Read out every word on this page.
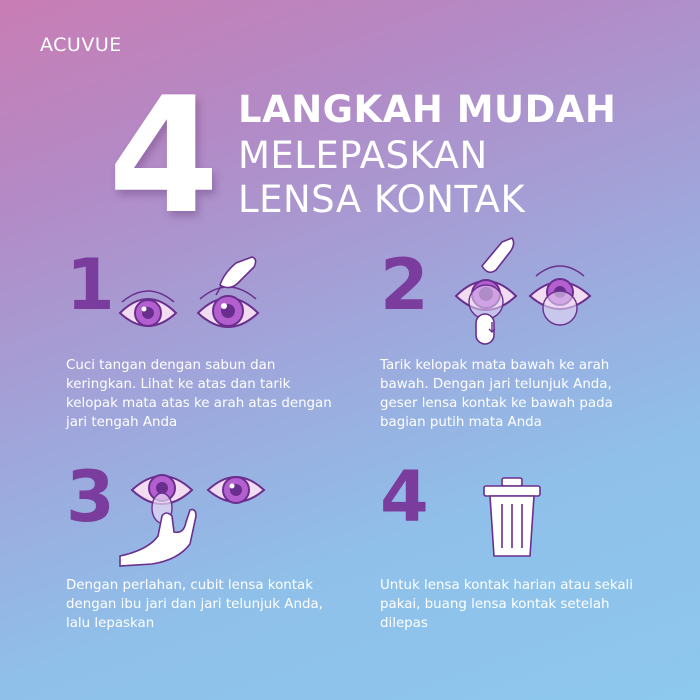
ACUVUE
4 LANGKAH MUDAH
MELEPASKAN
LENSA KONTAK
1
Cuci tangan dengan sabun dan keringkan. Lihat ke atas dan tarik kelopak mata atas ke arah atas dengan jari tengah Anda
2
Tarik kelopak mata bawah ke arah bawah. Dengan jari telunjuk Anda, geser lensa kontak ke bawah pada bagian putih mata Anda
3
Dengan perlahan, cubit lensa kontak dengan ibu jari dan jari telunjuk Anda, lalu lepaskan
4
Untuk lensa kontak harian atau sekali pakai, buang lensa kontak setelah dilepas
